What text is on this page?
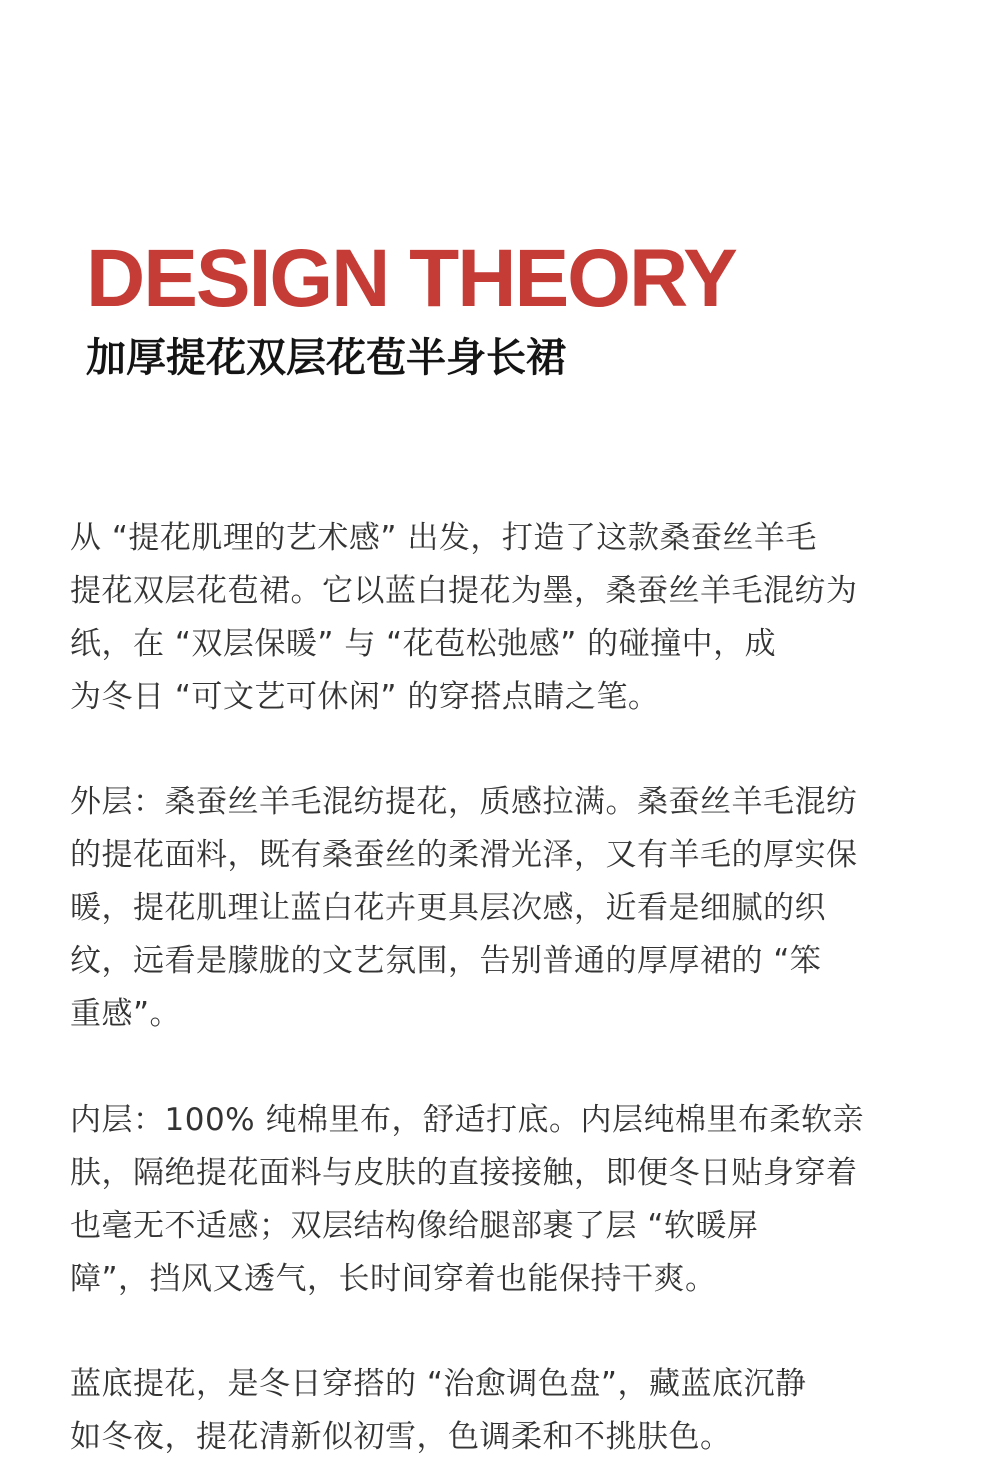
DESIGN THEORY
加厚提花双层花苞半身长裙

从 “提花肌理的艺术感” 出发，打造了这款桑蚕丝羊毛
提花双层花苞裙。它以蓝白提花为墨，桑蚕丝羊毛混纺为
纸，在 “双层保暖” 与 “花苞松弛感” 的碰撞中，成
为冬日 “可文艺可休闲” 的穿搭点睛之笔。

外层：桑蚕丝羊毛混纺提花，质感拉满。桑蚕丝羊毛混纺
的提花面料，既有桑蚕丝的柔滑光泽，又有羊毛的厚实保
暖，提花肌理让蓝白花卉更具层次感，近看是细腻的织
纹，远看是朦胧的文艺氛围，告别普通的厚厚裙的 “笨
重感”。

内层：100% 纯棉里布，舒适打底。内层纯棉里布柔软亲
肤，隔绝提花面料与皮肤的直接接触，即便冬日贴身穿着
也毫无不适感；双层结构像给腿部裹了层 “软暖屏
障”，挡风又透气，长时间穿着也能保持干爽。

蓝底提花，是冬日穿搭的 “治愈调色盘”，藏蓝底沉静
如冬夜，提花清新似初雪，色调柔和不挑肤色。
